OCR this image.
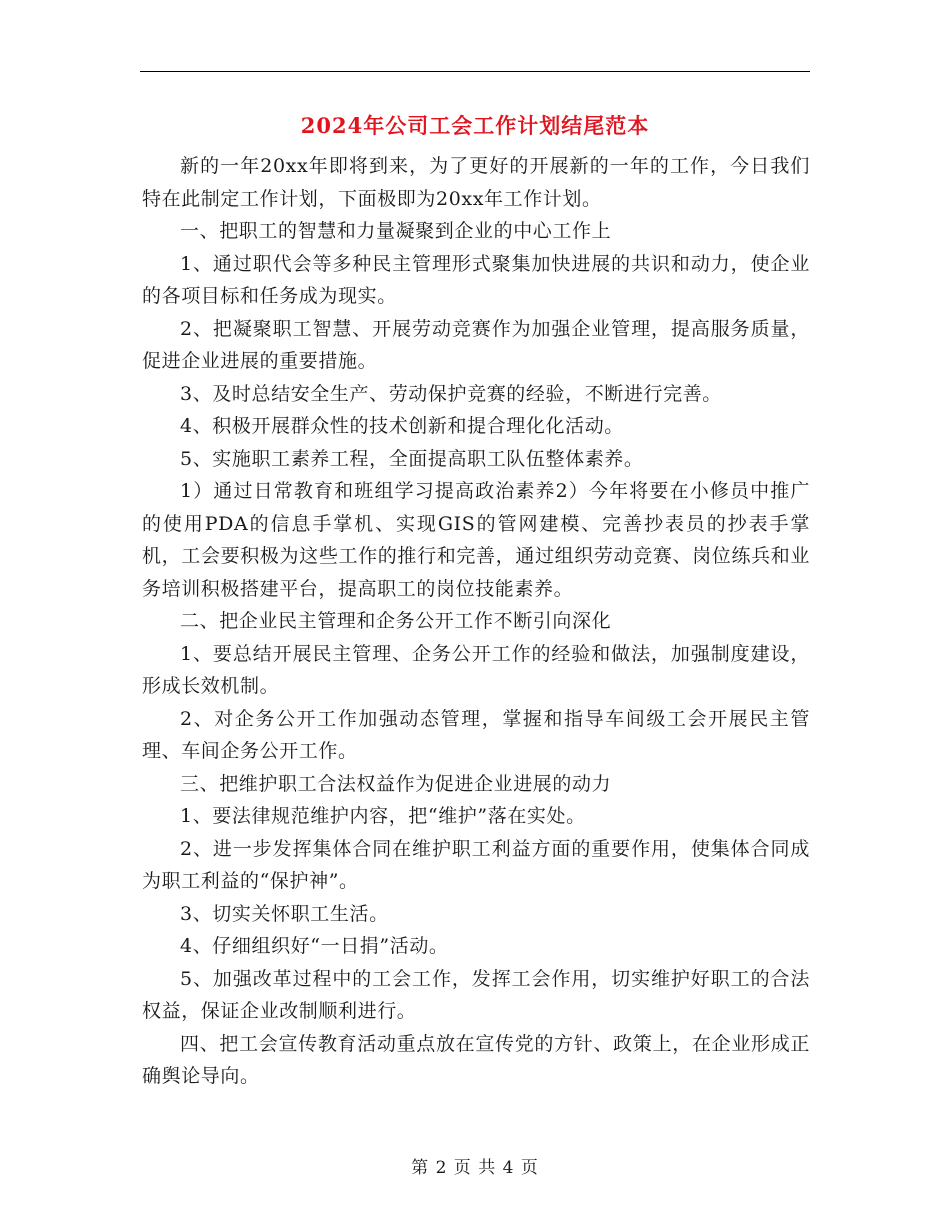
2024年公司工会工作计划结尾范本

新的一年20xx年即将到来，为了更好的开展新的一年的工作，今日我们特在此制定工作计划，下面极即为20xx年工作计划。

一、把职工的智慧和力量凝聚到企业的中心工作上

1、通过职代会等多种民主管理形式聚集加快进展的共识和动力，使企业的各项目标和任务成为现实。

2、把凝聚职工智慧、开展劳动竞赛作为加强企业管理，提高服务质量，促进企业进展的重要措施。

3、及时总结安全生产、劳动保护竞赛的经验，不断进行完善。

4、积极开展群众性的技术创新和提合理化化活动。

5、实施职工素养工程，全面提高职工队伍整体素养。

1）通过日常教育和班组学习提高政治素养2）今年将要在小修员中推广的使用PDA的信息手掌机、实现GIS的管网建模、完善抄表员的抄表手掌机，工会要积极为这些工作的推行和完善，通过组织劳动竞赛、岗位练兵和业务培训积极搭建平台，提高职工的岗位技能素养。

二、把企业民主管理和企务公开工作不断引向深化

1、要总结开展民主管理、企务公开工作的经验和做法，加强制度建设，形成长效机制。

2、对企务公开工作加强动态管理，掌握和指导车间级工会开展民主管理、车间企务公开工作。

三、把维护职工合法权益作为促进企业进展的动力

1、要法律规范维护内容，把“维护”落在实处。

2、进一步发挥集体合同在维护职工利益方面的重要作用，使集体合同成为职工利益的“保护神”。

3、切实关怀职工生活。

4、仔细组织好“一日捐”活动。

5、加强改革过程中的工会工作，发挥工会作用，切实维护好职工的合法权益，保证企业改制顺利进行。

四、把工会宣传教育活动重点放在宣传党的方针、政策上，在企业形成正确舆论导向。

第 2 页 共 4 页
